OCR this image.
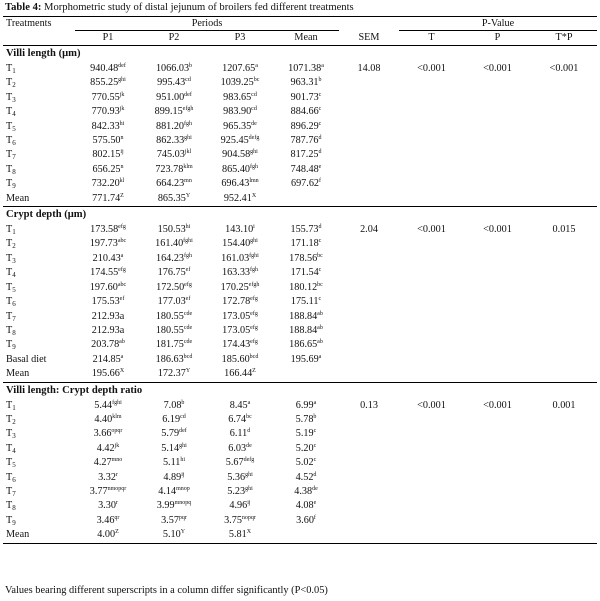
Table 4: Morphometric study of distal jejunum of broilers fed different treatments
Treatments	Periods					P-Value		
	P1	P2	P3	Mean	SEM	T	P	T*P
Villi length (μm)								
$T_1$	940.48$^{def}$	1066.03$^b$	1207.65$^a$	1071.38$^a$	14.08	<0.001	<0.001	<0.001
$T_2$	$855.25^{ghi}$	995.43$^{cd}$	1039.25$^{bc}$	963.31$^b$				
$T_3$	$770.55^{jk}$	951.00$^{def}$	983.65$^{cd}$	901.73$^c$				
$T_4$	$770.93^{jk}$	$899.15^{efgh}$	983.90$^{cd}$	884.66$^c$				
$T_5$	$842.33^{hi}$	881.20$^{fgh}$	965.35de	896.29$^c$				
$T_6$	575.50$^n$	$862.33^{ghi}$	$925.45^{defg}$	787.76$^d$				
$T_7$	$802.15^{ij}$	$745.03^{jkl}$	$904.58^{ghi}$	817.25$^d$				
$T_8$	656.25$^n$	$723.78^{klm}$	865.40$^{fgh}$	748.48e				
$T_9$	$732.20^{kl}$	$664.23^{mn}$	$696.43^{lmn}$	697.62$^f$				
Mean	$771.74^Z$	$865.35^Y$	$952.41^X$					
Crypt depth (μm)								
$T_1$	173.58$^{efg}$	$150.53^{hi}$	143.10$^i$	155.73$^d$	2.04	<0.001	<0.001	0.015
$T_2$	197.73$^{abc}$	$161.40^{fghi}$	$154.40^{ghi}$	171.18$^c$				
$T_3$	210.43$^a$	164.23$^{fgh}$	$161.03^{fghi}$	178.56$^{bc}$				
$T_4$	174.55$^{efg}$	176.75$^{ef}$	163.33$^{fgh}$	171.54$^c$				
$T_5$	197.60$^{abc}$	172.50$^{efg}$	$170.25^{efgh}$	180.12$^{bc}$				
$T_6$	175.53$^{ef}$	177.03$^{ef}$	172.78$^{efg}$	175.11$^c$				
$T_7$	212.93a	180.55$^{cde}$	173.05$^{efg}$	188.84$^{ab}$				
$T_8$	212.93a	180.55$^{cde}$	173.05$^{efg}$	188.84$^{ab}$				
$T_9$	203.78$^{ab}$	181.75$^{cde}$	174.43$^{efg}$	186.65$^{ab}$				
Basal diet	214.85$^a$	186.63$^{bcd}$	185.60$^{bcd}$	195.69$^a$				
Mean	$195.66^X$	$172.37^Y$	$166.44^Z$					
Villi length: Crypt depth ratio								
$T_1$	$5.44^{fghi}$	7.08$^b$	8.45$^a$	6.99$^a$	0.13	<0.001	<0.001	0.001
$T_2$	$4.40^{klm}$	6.19$^{cd}$	6.74$^{bc}$	5.78$^b$				
$T_3$	$3.66^{opqr}$	5.79$^{def}$	6.11$^d$	5.19$^c$				
$T_4$	$4.42^{jk}$	$5.14^{ghi}$	6.03de	5.20$^c$				
$T_5$	$4.27^{mno}$	$5.11^{hi}$	$5.67^{defg}$	5.02$^c$				
$T_6$	3.32$^r$	$4.89^{ij}$	$5.36^{ghi}$	4.52$^d$				
$T_7$	$3.77^{nmopqr}$	$4.14^{mnop}$	$5.23^{ghi}$	4.38de				
$T_8$	3.30$^r$	$3.99^{mnopq}$	$4.96^{ij}$	4.08e				
$T_9$	$3.46^{qr}$	$3.57^{pqr}$	$3.75^{nopqr}$	3.60$^f$				
Mean	$4.00^Z$	$5.10^Y$	$5.81^X$					
Values bearing different superscripts in a column differ significantly (P<0.05)
